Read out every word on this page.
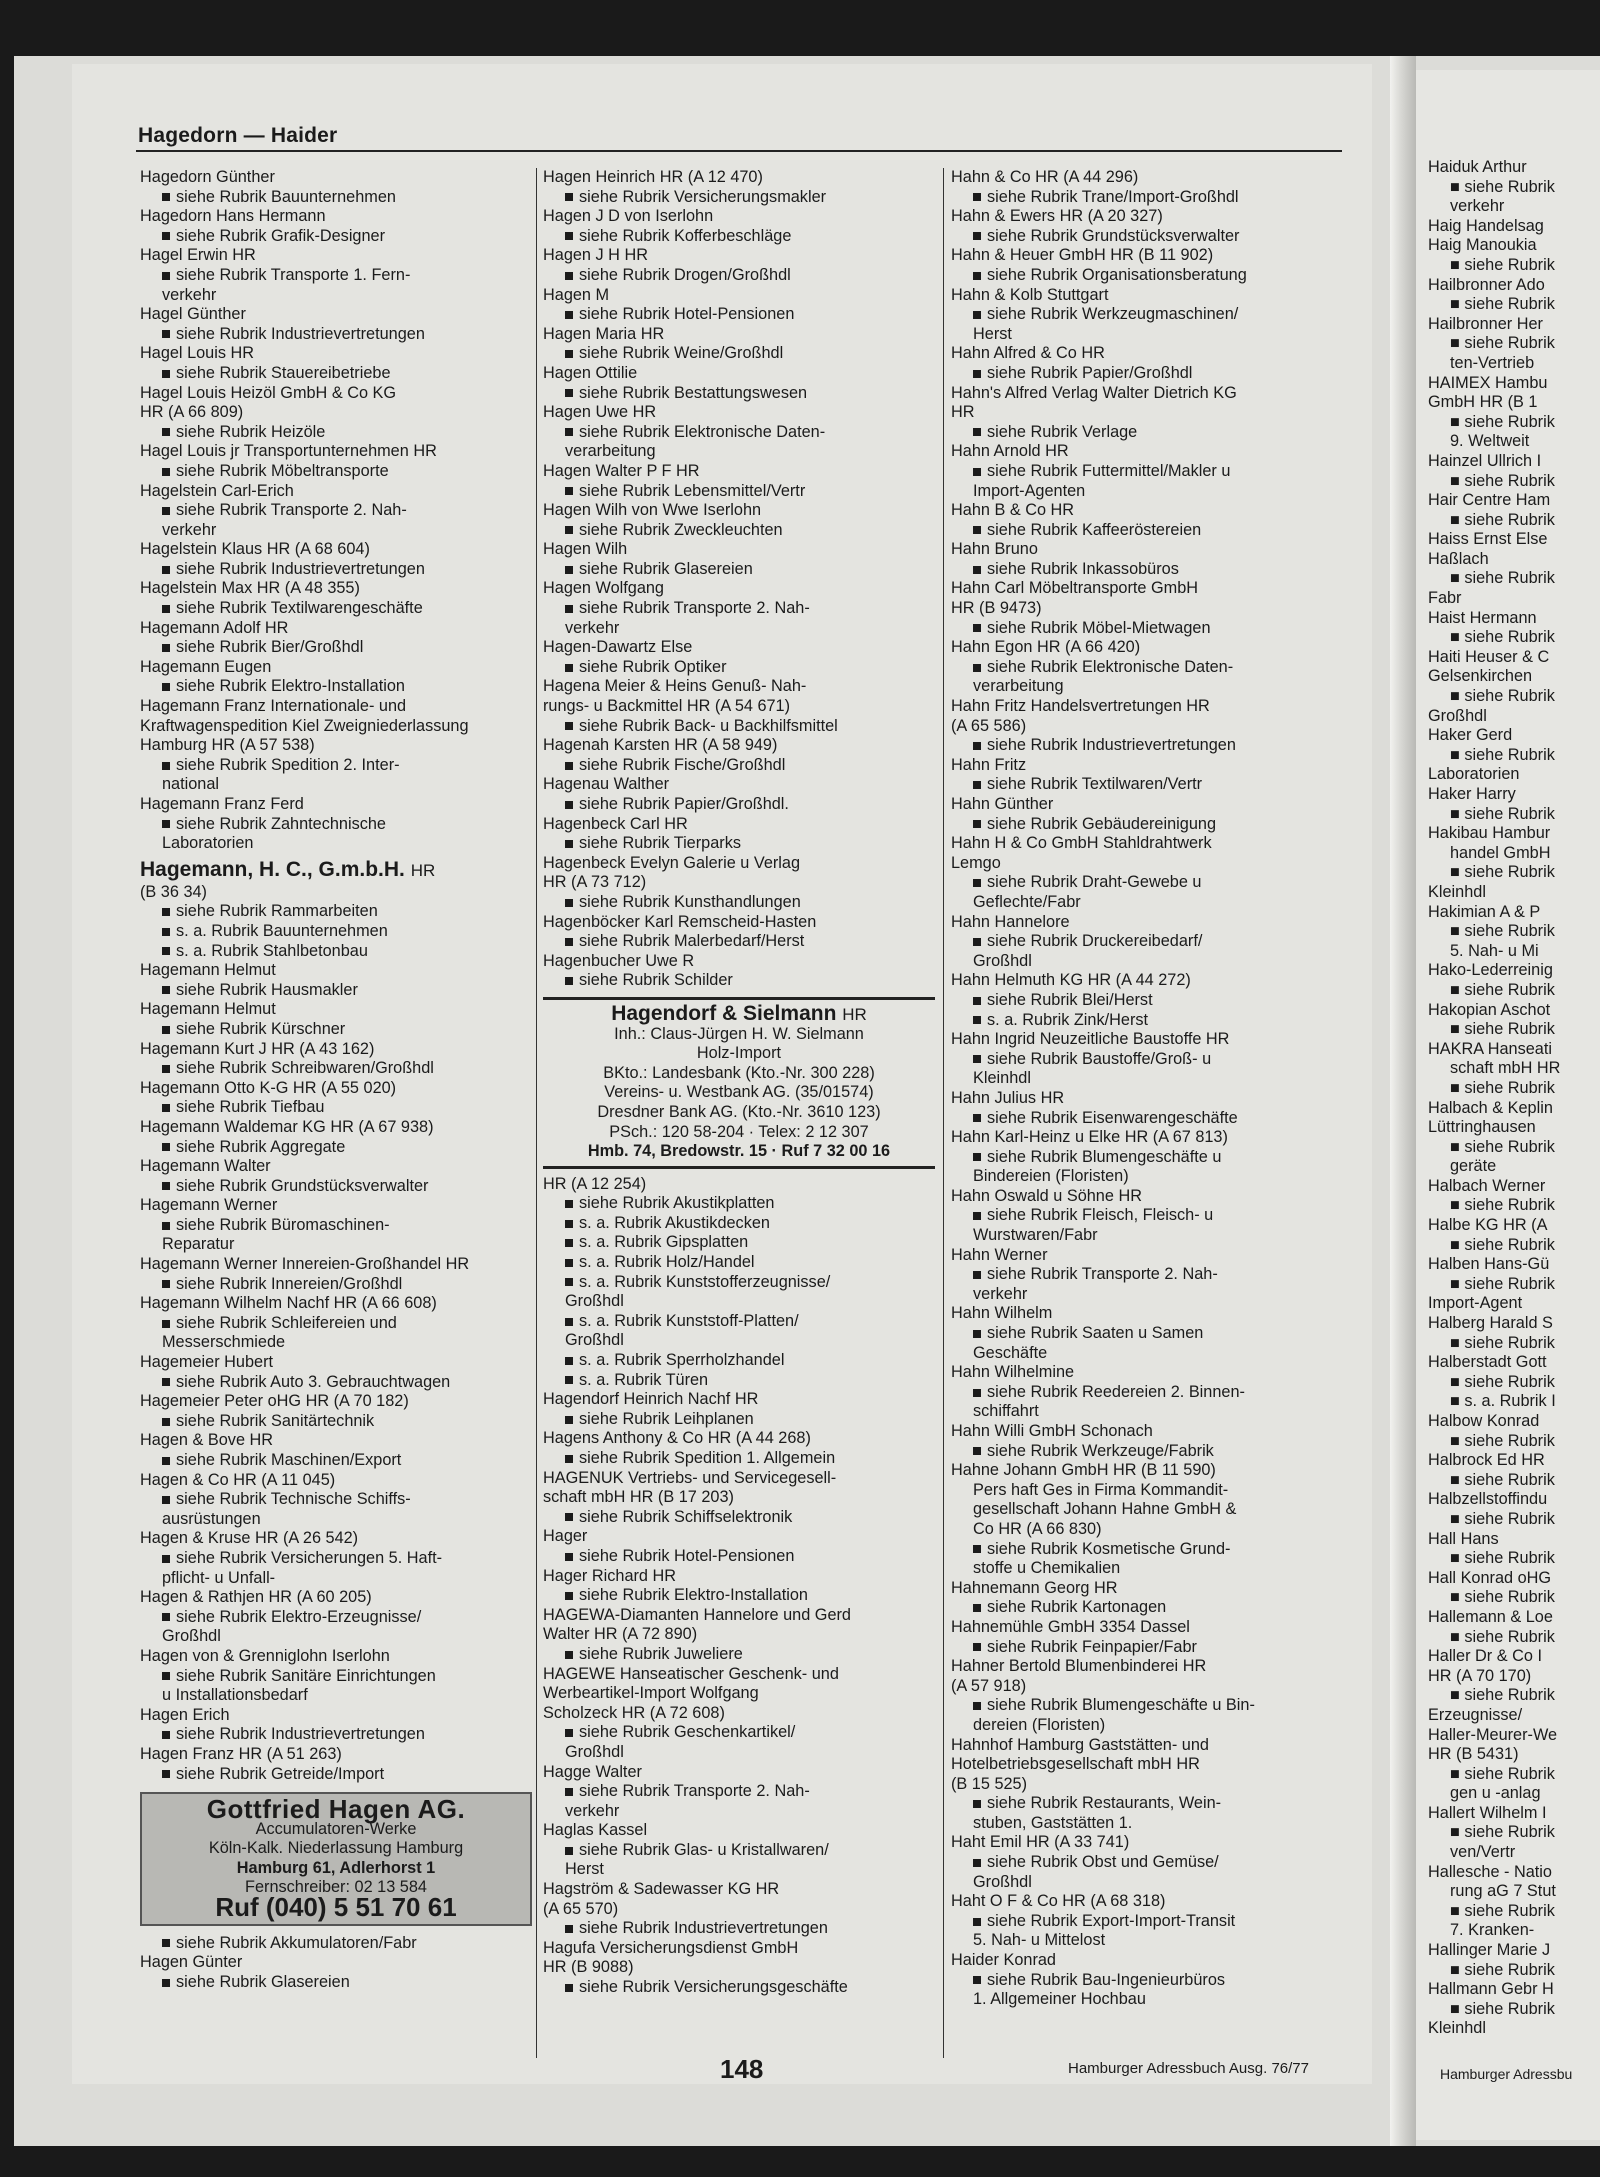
Haiduk Arthur
■ siehe Rubrik
verkehr
Haig Handelsag
Haig Manoukia
■ siehe Rubrik
Hailbronner Ado
■ siehe Rubrik
Hailbronner Her
■ siehe Rubrik
ten-Vertrieb
HAIMEX Hambu
GmbH HR (B 1
■ siehe Rubrik
9. Weltweit
Hainzel Ullrich I
■ siehe Rubrik
Hair Centre Ham
■ siehe Rubrik
Haiss Ernst Else
Haßlach
■ siehe Rubrik
Fabr
Haist Hermann
■ siehe Rubrik
Haiti Heuser & C
Gelsenkirchen
■ siehe Rubrik
Großhdl
Haker Gerd
■ siehe Rubrik
Laboratorien
Haker Harry
■ siehe Rubrik
Hakibau Hambur
handel GmbH
■ siehe Rubrik
Kleinhdl
Hakimian A & P
■ siehe Rubrik
5. Nah- u Mi
Hako-Lederreinig
■ siehe Rubrik
Hakopian Aschot
■ siehe Rubrik
HAKRA Hanseati
schaft mbH HR
■ siehe Rubrik
Halbach & Keplin
Lüttringhausen
■ siehe Rubrik
geräte
Halbach Werner
■ siehe Rubrik
Halbe KG HR (A
■ siehe Rubrik
Halben Hans-Gü
■ siehe Rubrik
Import-Agent
Halberg Harald S
■ siehe Rubrik
Halberstadt Gott
■ siehe Rubrik
■ s. a. Rubrik I
Halbow Konrad
■ siehe Rubrik
Halbrock Ed HR
■ siehe Rubrik
Halbzellstoffindu
■ siehe Rubrik
Hall Hans
■ siehe Rubrik
Hall Konrad oHG
■ siehe Rubrik
Hallemann & Loe
■ siehe Rubrik
Haller Dr & Co I
HR (A 70 170)
■ siehe Rubrik
Erzeugnisse/
Haller-Meurer-We
HR (B 5431)
■ siehe Rubrik
gen u -anlag
Hallert Wilhelm I
■ siehe Rubrik
ven/Vertr
Hallesche - Natio
rung aG 7 Stut
■ siehe Rubrik
7. Kranken-
Hallinger Marie J
■ siehe Rubrik
Hallmann Gebr H
■ siehe Rubrik
Kleinhdl
Hagedorn — Haider
Hagedorn Günther
siehe Rubrik Bauunternehmen
Hagedorn Hans Hermann
siehe Rubrik Grafik-Designer
Hagel Erwin HR
siehe Rubrik Transporte 1. Fern-
verkehr
Hagel Günther
siehe Rubrik Industrievertretungen
Hagel Louis HR
siehe Rubrik Stauereibetriebe
Hagel Louis Heizöl GmbH & Co KG
HR (A 66 809)
siehe Rubrik Heizöle
Hagel Louis jr Transportunternehmen HR
siehe Rubrik Möbeltransporte
Hagelstein Carl-Erich
siehe Rubrik Transporte 2. Nah-
verkehr
Hagelstein Klaus HR (A 68 604)
siehe Rubrik Industrievertretungen
Hagelstein Max HR (A 48 355)
siehe Rubrik Textilwarengeschäfte
Hagemann Adolf HR
siehe Rubrik Bier/Großhdl
Hagemann Eugen
siehe Rubrik Elektro-Installation
Hagemann Franz Internationale- und Kraftwagenspedition Kiel Zweigniederlassung Hamburg HR (A 57 538)
siehe Rubrik Spedition 2. Inter-
national
Hagemann Franz Ferd
siehe Rubrik Zahntechnische
Laboratorien
Hagemann, H. C., G.m.b.H. HR
(B 36 34)
siehe Rubrik Rammarbeiten
s. a. Rubrik Bauunternehmen
s. a. Rubrik Stahlbetonbau
Hagemann Helmut
siehe Rubrik Hausmakler
Hagemann Helmut
siehe Rubrik Kürschner
Hagemann Kurt J HR (A 43 162)
siehe Rubrik Schreibwaren/Großhdl
Hagemann Otto K-G HR (A 55 020)
siehe Rubrik Tiefbau
Hagemann Waldemar KG HR (A 67 938)
siehe Rubrik Aggregate
Hagemann Walter
siehe Rubrik Grundstücksverwalter
Hagemann Werner
siehe Rubrik Büromaschinen-
Reparatur
Hagemann Werner Innereien-Großhandel HR
siehe Rubrik Innereien/Großhdl
Hagemann Wilhelm Nachf HR (A 66 608)
siehe Rubrik Schleifereien und
Messerschmiede
Hagemeier Hubert
siehe Rubrik Auto 3. Gebrauchtwagen
Hagemeier Peter oHG HR (A 70 182)
siehe Rubrik Sanitärtechnik
Hagen & Bove HR
siehe Rubrik Maschinen/Export
Hagen & Co HR (A 11 045)
siehe Rubrik Technische Schiffs-
ausrüstungen
Hagen & Kruse HR (A 26 542)
siehe Rubrik Versicherungen 5. Haft-
pflicht- u Unfall-
Hagen & Rathjen HR (A 60 205)
siehe Rubrik Elektro-Erzeugnisse/
Großhdl
Hagen von & Grenniglohn Iserlohn
siehe Rubrik Sanitäre Einrichtungen
u Installationsbedarf
Hagen Erich
siehe Rubrik Industrievertretungen
Hagen Franz HR (A 51 263)
siehe Rubrik Getreide/Import
Gottfried Hagen AG.
Accumulatoren-Werke
Köln-Kalk. Niederlassung Hamburg
Hamburg 61, Adlerhorst 1
Fernschreiber: 02 13 584
Ruf (040) 5 51 70 61
siehe Rubrik Akkumulatoren/Fabr
Hagen Günter
siehe Rubrik Glasereien
Hagen Heinrich HR (A 12 470)
siehe Rubrik Versicherungsmakler
Hagen J D von Iserlohn
siehe Rubrik Kofferbeschläge
Hagen J H HR
siehe Rubrik Drogen/Großhdl
Hagen M
siehe Rubrik Hotel-Pensionen
Hagen Maria HR
siehe Rubrik Weine/Großhdl
Hagen Ottilie
siehe Rubrik Bestattungswesen
Hagen Uwe HR
siehe Rubrik Elektronische Daten-
verarbeitung
Hagen Walter P F HR
siehe Rubrik Lebensmittel/Vertr
Hagen Wilh von Wwe Iserlohn
siehe Rubrik Zweckleuchten
Hagen Wilh
siehe Rubrik Glasereien
Hagen Wolfgang
siehe Rubrik Transporte 2. Nah-
verkehr
Hagen-Dawartz Else
siehe Rubrik Optiker
Hagena Meier & Heins Genuß- Nah-
rungs- u Backmittel HR (A 54 671)
siehe Rubrik Back- u Backhilfsmittel
Hagenah Karsten HR (A 58 949)
siehe Rubrik Fische/Großhdl
Hagenau Walther
siehe Rubrik Papier/Großhdl.
Hagenbeck Carl HR
siehe Rubrik Tierparks
Hagenbeck Evelyn Galerie u Verlag
HR (A 73 712)
siehe Rubrik Kunsthandlungen
Hagenböcker Karl Remscheid-Hasten
siehe Rubrik Malerbedarf/Herst
Hagenbucher Uwe R
siehe Rubrik Schilder
Hagendorf & Sielmann HR
Inh.: Claus-Jürgen H. W. Sielmann
Holz-Import
BKto.: Landesbank (Kto.-Nr. 300 228)
Vereins- u. Westbank AG. (35/01574)
Dresdner Bank AG. (Kto.-Nr. 3610 123)
PSch.: 120 58-204 · Telex: 2 12 307
Hmb. 74, Bredowstr. 15 · Ruf 7 32 00 16
HR (A 12 254)
siehe Rubrik Akustikplatten
s. a. Rubrik Akustikdecken
s. a. Rubrik Gipsplatten
s. a. Rubrik Holz/Handel
s. a. Rubrik Kunststofferzeugnisse/
Großhdl
s. a. Rubrik Kunststoff-Platten/
Großhdl
s. a. Rubrik Sperrholzhandel
s. a. Rubrik Türen
Hagendorf Heinrich Nachf HR
siehe Rubrik Leihplanen
Hagens Anthony & Co HR (A 44 268)
siehe Rubrik Spedition 1. Allgemein
HAGENUK Vertriebs- und Servicegesell-
schaft mbH HR (B 17 203)
siehe Rubrik Schiffselektronik
Hager
siehe Rubrik Hotel-Pensionen
Hager Richard HR
siehe Rubrik Elektro-Installation
HAGEWA-Diamanten Hannelore und Gerd
Walter HR (A 72 890)
siehe Rubrik Juweliere
HAGEWE Hanseatischer Geschenk- und
Werbeartikel-Import Wolfgang
Scholzeck HR (A 72 608)
siehe Rubrik Geschenkartikel/
Großhdl
Hagge Walter
siehe Rubrik Transporte 2. Nah-
verkehr
Haglas Kassel
siehe Rubrik Glas- u Kristallwaren/
Herst
Hagström & Sadewasser KG HR
(A 65 570)
siehe Rubrik Industrievertretungen
Hagufa Versicherungsdienst GmbH
HR (B 9088)
siehe Rubrik Versicherungsgeschäfte
Hahn & Co HR (A 44 296)
siehe Rubrik Trane/Import-Großhdl
Hahn & Ewers HR (A 20 327)
siehe Rubrik Grundstücksverwalter
Hahn & Heuer GmbH HR (B 11 902)
siehe Rubrik Organisationsberatung
Hahn & Kolb Stuttgart
siehe Rubrik Werkzeugmaschinen/
Herst
Hahn Alfred & Co HR
siehe Rubrik Papier/Großhdl
Hahn's Alfred Verlag Walter Dietrich KG
HR
siehe Rubrik Verlage
Hahn Arnold HR
siehe Rubrik Futtermittel/Makler u
Import-Agenten
Hahn B & Co HR
siehe Rubrik Kaffeeröstereien
Hahn Bruno
siehe Rubrik Inkassobüros
Hahn Carl Möbeltransporte GmbH
HR (B 9473)
siehe Rubrik Möbel-Mietwagen
Hahn Egon HR (A 66 420)
siehe Rubrik Elektronische Daten-
verarbeitung
Hahn Fritz Handelsvertretungen HR
(A 65 586)
siehe Rubrik Industrievertretungen
Hahn Fritz
siehe Rubrik Textilwaren/Vertr
Hahn Günther
siehe Rubrik Gebäudereinigung
Hahn H & Co GmbH Stahldrahtwerk
Lemgo
siehe Rubrik Draht-Gewebe u
Geflechte/Fabr
Hahn Hannelore
siehe Rubrik Druckereibedarf/
Großhdl
Hahn Helmuth KG HR (A 44 272)
siehe Rubrik Blei/Herst
s. a. Rubrik Zink/Herst
Hahn Ingrid Neuzeitliche Baustoffe HR
siehe Rubrik Baustoffe/Groß- u
Kleinhdl
Hahn Julius HR
siehe Rubrik Eisenwarengeschäfte
Hahn Karl-Heinz u Elke HR (A 67 813)
siehe Rubrik Blumengeschäfte u
Bindereien (Floristen)
Hahn Oswald u Söhne HR
siehe Rubrik Fleisch, Fleisch- u
Wurstwaren/Fabr
Hahn Werner
siehe Rubrik Transporte 2. Nah-
verkehr
Hahn Wilhelm
siehe Rubrik Saaten u Samen
Geschäfte
Hahn Wilhelmine
siehe Rubrik Reedereien 2. Binnen-
schiffahrt
Hahn Willi GmbH Schonach
siehe Rubrik Werkzeuge/Fabrik
Hahne Johann GmbH HR (B 11 590)
Pers haft Ges in Firma Kommandit-
gesellschaft Johann Hahne GmbH &
Co HR (A 66 830)
siehe Rubrik Kosmetische Grund-
stoffe u Chemikalien
Hahnemann Georg HR
siehe Rubrik Kartonagen
Hahnemühle GmbH 3354 Dassel
siehe Rubrik Feinpapier/Fabr
Hahner Bertold Blumenbinderei HR
(A 57 918)
siehe Rubrik Blumengeschäfte u Bin-
dereien (Floristen)
Hahnhof Hamburg Gaststätten- und
Hotelbetriebsgesellschaft mbH HR
(B 15 525)
siehe Rubrik Restaurants, Wein-
stuben, Gaststätten 1.
Haht Emil HR (A 33 741)
siehe Rubrik Obst und Gemüse/
Großhdl
Haht O F & Co HR (A 68 318)
siehe Rubrik Export-Import-Transit
5. Nah- u Mittelost
Haider Konrad
siehe Rubrik Bau-Ingenieurbüros
1. Allgemeiner Hochbau
148	Hamburger Adressbuch Ausg. 76/77	Hamburger Adressbu
